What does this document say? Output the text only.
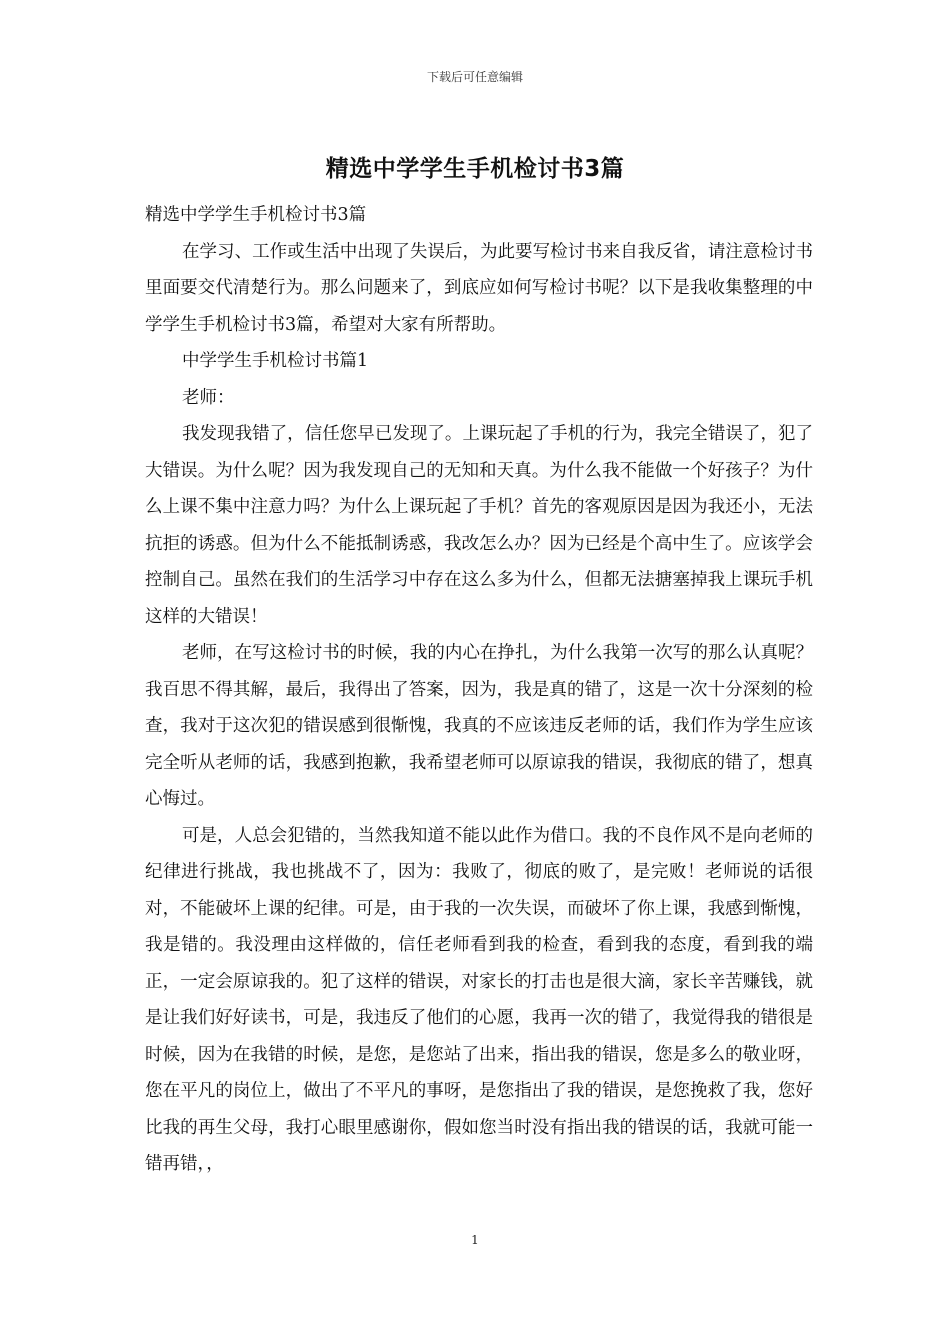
下载后可任意编辑
精选中学学生手机检讨书3篇

精选中学学生手机检讨书3篇

在学习、工作或生活中出现了失误后，为此要写检讨书来自我反省，请注意检讨书里面要交代清楚行为。那么问题来了，到底应如何写检讨书呢？以下是我收集整理的中学学生手机检讨书3篇，希望对大家有所帮助。

中学学生手机检讨书篇1

老师：

我发现我错了，信任您早已发现了。上课玩起了手机的行为，我完全错误了，犯了大错误。为什么呢？因为我发现自己的无知和天真。为什么我不能做一个好孩子？为什么上课不集中注意力吗？为什么上课玩起了手机？首先的客观原因是因为我还小，无法抗拒的诱惑。但为什么不能抵制诱惑，我改怎么办？因为已经是个高中生了。应该学会控制自己。虽然在我们的生活学习中存在这么多为什么，但都无法搪塞掉我上课玩手机这样的大错误！

老师，在写这检讨书的时候，我的内心在挣扎，为什么我第一次写的那么认真呢？我百思不得其解，最后，我得出了答案，因为，我是真的错了，这是一次十分深刻的检查，我对于这次犯的错误感到很惭愧，我真的不应该违反老师的话，我们作为学生应该完全听从老师的话，我感到抱歉，我希望老师可以原谅我的错误，我彻底的错了，想真心悔过。

可是，人总会犯错的，当然我知道不能以此作为借口。我的不良作风不是向老师的纪律进行挑战，我也挑战不了，因为：我败了，彻底的败了，是完败！老师说的话很对，不能破坏上课的纪律。可是，由于我的一次失误，而破坏了你上课，我感到惭愧，我是错的。我没理由这样做的，信任老师看到我的检查，看到我的态度，看到我的端正，一定会原谅我的。犯了这样的错误，对家长的打击也是很大滴，家长辛苦赚钱，就是让我们好好读书，可是，我违反了他们的心愿，我再一次的错了，我觉得我的错很是时候，因为在我错的时候，是您，是您站了出来，指出我的错误，您是多么的敬业呀，您在平凡的岗位上，做出了不平凡的事呀，是您指出了我的错误，是您挽救了我，您好比我的再生父母，我打心眼里感谢你，假如您当时没有指出我的错误的话，我就可能一错再错，，

1
